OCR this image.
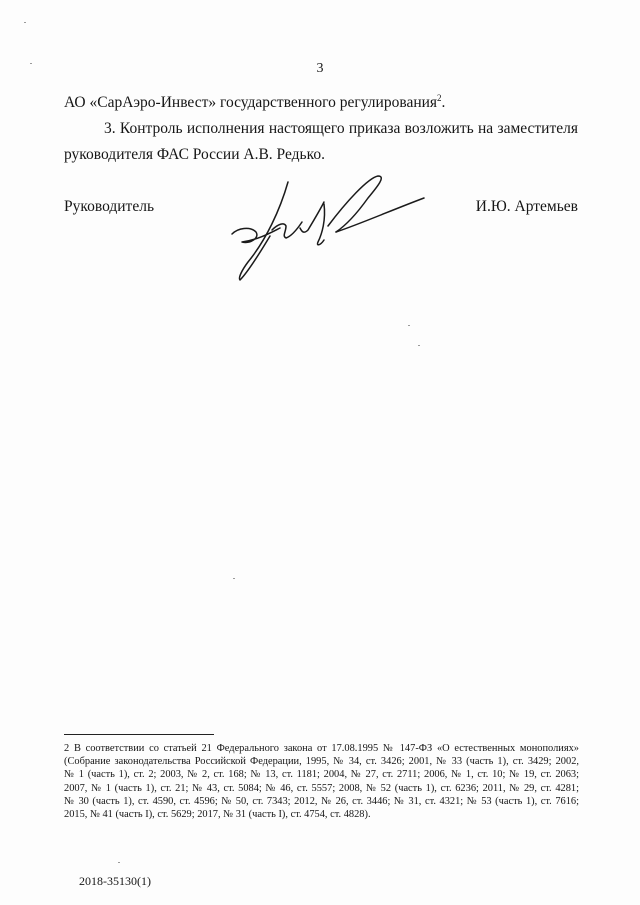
3
АО «СарАэро-Инвест» государственного регулирования$^2$.
3. Контроль исполнения настоящего приказа возложить на заместителя
руководителя ФАС России А.В. Редько.
Руководитель	И.Ю. Артемьев
2 В соответствии со статьей 21 Федерального закона от 17.08.1995 № 147-ФЗ «О естественных монополиях»
(Собрание законодательства Российской Федерации, 1995, № 34, ст. 3426; 2001, № 33 (часть 1), ст. 3429; 2002,
№ 1 (часть 1), ст. 2; 2003, № 2, ст. 168; № 13, ст. 1181; 2004, № 27, ст. 2711; 2006, № 1, ст. 10; № 19, ст. 2063;
2007, № 1 (часть 1), ст. 21; № 43, ст. 5084; № 46, ст. 5557; 2008, № 52 (часть 1), ст. 6236; 2011, № 29, ст. 4281;
№ 30 (часть 1), ст. 4590, ст. 4596; № 50, ст. 7343; 2012, № 26, ст. 3446; № 31, ст. 4321; № 53 (часть 1), ст. 7616;
2015, № 41 (часть I), ст. 5629; 2017, № 31 (часть I), ст. 4754, ст. 4828).
2018-35130(1)
